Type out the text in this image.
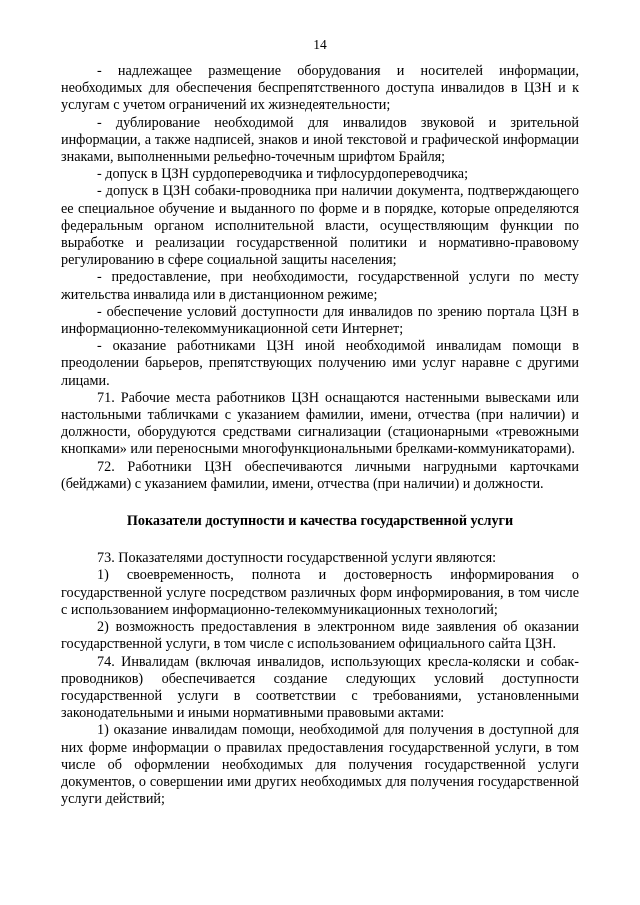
14

- надлежащее размещение оборудования и носителей информации, необходимых для обеспечения беспрепятственного доступа инвалидов в ЦЗН и к услугам с учетом ограничений их жизнедеятельности;

- дублирование необходимой для инвалидов звуковой и зрительной информации, а также надписей, знаков и иной текстовой и графической информации знаками, выполненными рельефно-точечным шрифтом Брайля;

- допуск в ЦЗН сурдопереводчика и тифлосурдопереводчика;

- допуск в ЦЗН собаки-проводника при наличии документа, подтверждающего ее специальное обучение и выданного по форме и в порядке, которые определяются федеральным органом исполнительной власти, осуществляющим функции по выработке и реализации государственной политики и нормативно-правовому регулированию в сфере социальной защиты населения;

- предоставление, при необходимости, государственной услуги по месту жительства инвалида или в дистанционном режиме;

- обеспечение условий доступности для инвалидов по зрению портала ЦЗН в информационно-телекоммуникационной сети Интернет;

- оказание работниками ЦЗН иной необходимой инвалидам помощи в преодолении барьеров, препятствующих получению ими услуг наравне с другими лицами.

71. Рабочие места работников ЦЗН оснащаются настенными вывесками или настольными табличками с указанием фамилии, имени, отчества (при наличии) и должности, оборудуются средствами сигнализации (стационарными «тревожными кнопками» или переносными многофункциональными брелками-коммуникаторами).

72. Работники ЦЗН обеспечиваются личными нагрудными карточками (бейджами) с указанием фамилии, имени, отчества (при наличии) и должности.

Показатели доступности и качества государственной услуги

73. Показателями доступности государственной услуги являются:

1) своевременность, полнота и достоверность информирования о государственной услуге посредством различных форм информирования, в том числе с использованием информационно-телекоммуникационных технологий;

2) возможность предоставления в электронном виде заявления об оказании государственной услуги, в том числе с использованием официального сайта ЦЗН.

74. Инвалидам (включая инвалидов, использующих кресла-коляски и собак-проводников) обеспечивается создание следующих условий доступности государственной услуги в соответствии с требованиями, установленными законодательными и иными нормативными правовыми актами:

1) оказание инвалидам помощи, необходимой для получения в доступной для них форме информации о правилах предоставления государственной услуги, в том числе об оформлении необходимых для получения государственной услуги документов, о совершении ими других необходимых для получения государственной услуги действий;
